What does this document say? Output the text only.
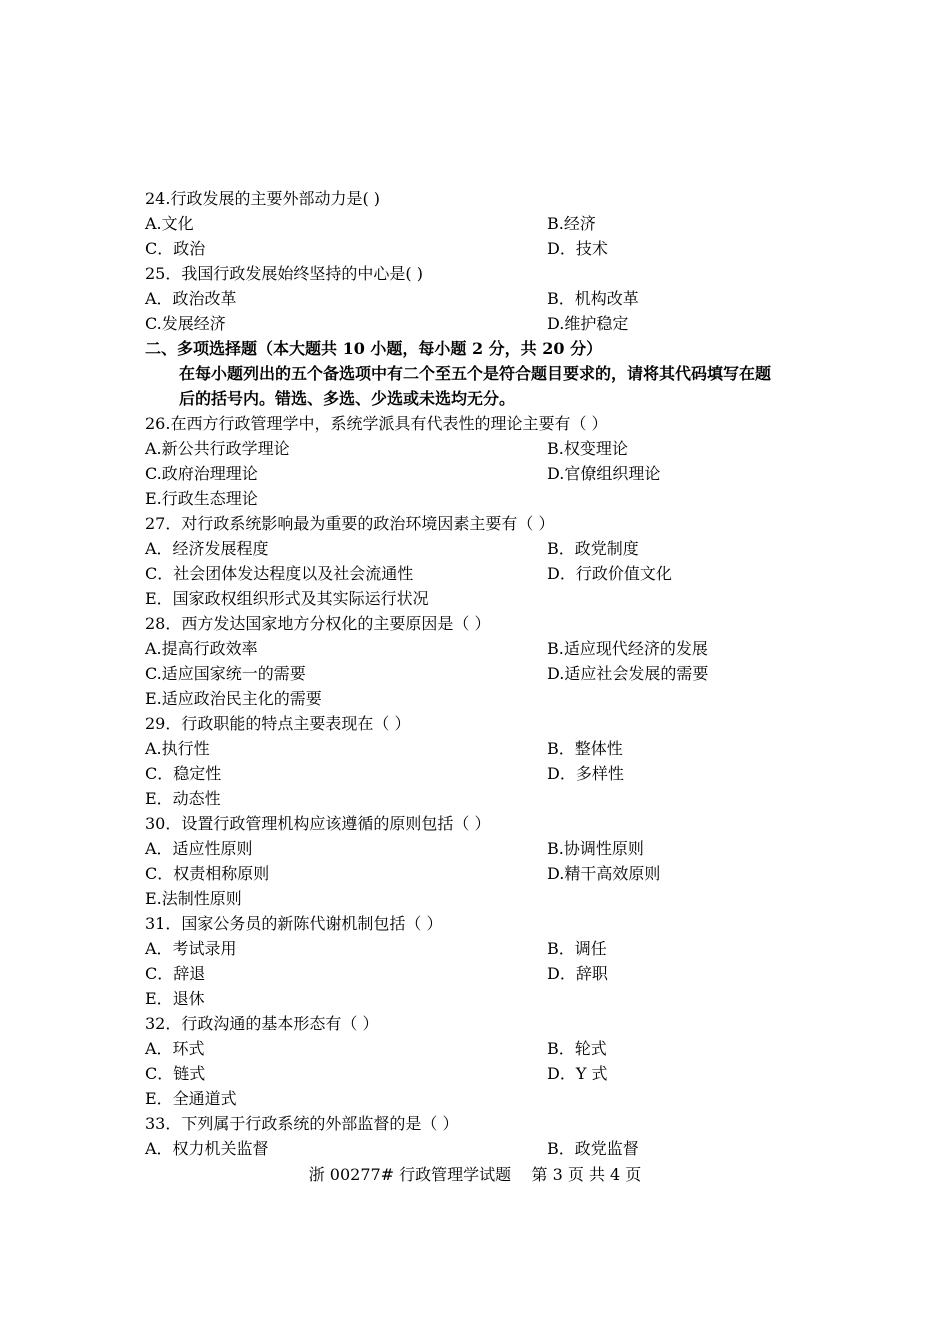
24.行政发展的主要外部动力是( )
A.文化	B.经济
C．政治	D．技术
25．我国行政发展始终坚持的中心是( )
A．政治改革	B．机构改革
C.发展经济	D.维护稳定
二、多项选择题（本大题共 10 小题，每小题 2 分，共 20 分）
在每小题列出的五个备选项中有二个至五个是符合题目要求的，请将其代码填写在题
后的括号内。错选、多选、少选或未选均无分。
26.在西方行政管理学中，系统学派具有代表性的理论主要有（ ）
A.新公共行政学理论	B.权变理论
C.政府治理理论	D.官僚组织理论
E.行政生态理论
27．对行政系统影响最为重要的政治环境因素主要有（ ）
A．经济发展程度	B．政党制度
C．社会团体发达程度以及社会流通性	D．行政价值文化
E．国家政权组织形式及其实际运行状况
28．西方发达国家地方分权化的主要原因是（ ）
A.提高行政效率	B.适应现代经济的发展
C.适应国家统一的需要	D.适应社会发展的需要
E.适应政治民主化的需要
29．行政职能的特点主要表现在（ ）
A.执行性	B．整体性
C．稳定性	D．多样性
E．动态性
30．设置行政管理机构应该遵循的原则包括（ ）
A．适应性原则	B.协调性原则
C．权责相称原则	D.精干高效原则
E.法制性原则
31．国家公务员的新陈代谢机制包括（ ）
A．考试录用	B．调任
C．辞退	D．辞职
E．退休
32．行政沟通的基本形态有（ ）
A．环式	B．轮式
C．链式	D．Y 式
E．全通道式
33．下列属于行政系统的外部监督的是（ ）
A．权力机关监督	B．政党监督
浙 00277# 行政管理学试题    第 3 页 共 4 页
